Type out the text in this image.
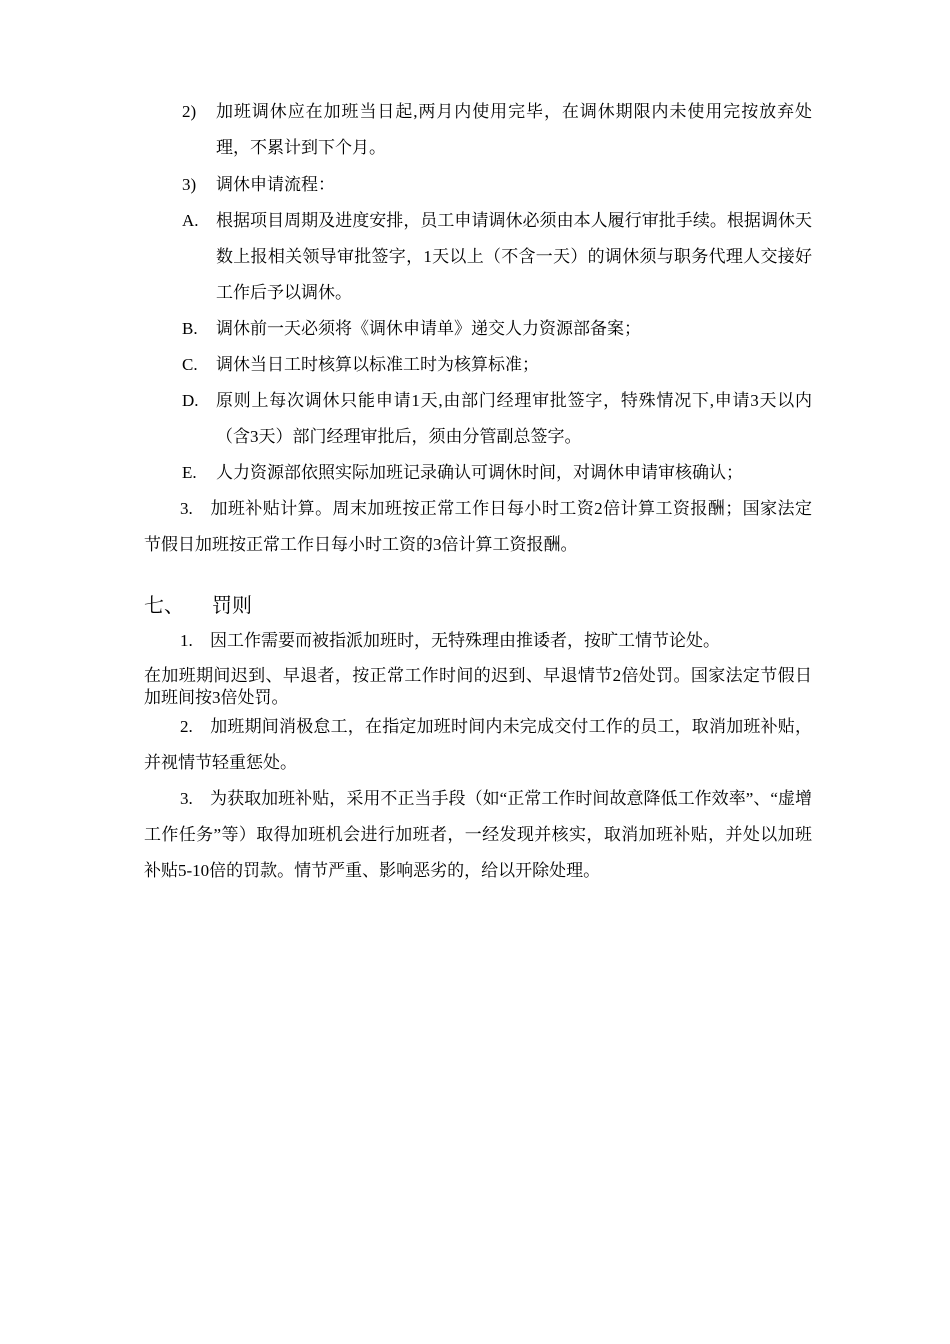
2)	加班调休应在加班当日起,两月内使用完毕，在调休期限内未使用完按放弃处理，不累计到下个月。
3)	调休申请流程：
A.	根据项目周期及进度安排，员工申请调休必须由本人履行审批手续。根据调休天数上报相关领导审批签字，1天以上（不含一天）的调休须与职务代理人交接好工作后予以调休。
B.	调休前一天必须将《调休申请单》递交人力资源部备案；
C.	调休当日工时核算以标准工时为核算标准；
D.	原则上每次调休只能申请1天,由部门经理审批签字，特殊情况下,申请3天以内（含3天）部门经理审批后，须由分管副总签字。
E.	人力资源部依照实际加班记录确认可调休时间，对调休申请审核确认；
3. 加班补贴计算。周末加班按正常工作日每小时工资2倍计算工资报酬；国家法定节假日加班按正常工作日每小时工资的3倍计算工资报酬。
七、 罚则
1. 因工作需要而被指派加班时，无特殊理由推诿者，按旷工情节论处。
在加班期间迟到、早退者，按正常工作时间的迟到、早退情节2倍处罚。国家法定节假日加班间按3倍处罚。
2. 加班期间消极怠工，在指定加班时间内未完成交付工作的员工，取消加班补贴，并视情节轻重惩处。
3. 为获取加班补贴，采用不正当手段（如“正常工作时间故意降低工作效率”、“虚增工作任务”等）取得加班机会进行加班者，一经发现并核实，取消加班补贴，并处以加班补贴5-10倍的罚款。情节严重、影响恶劣的，给以开除处理。
